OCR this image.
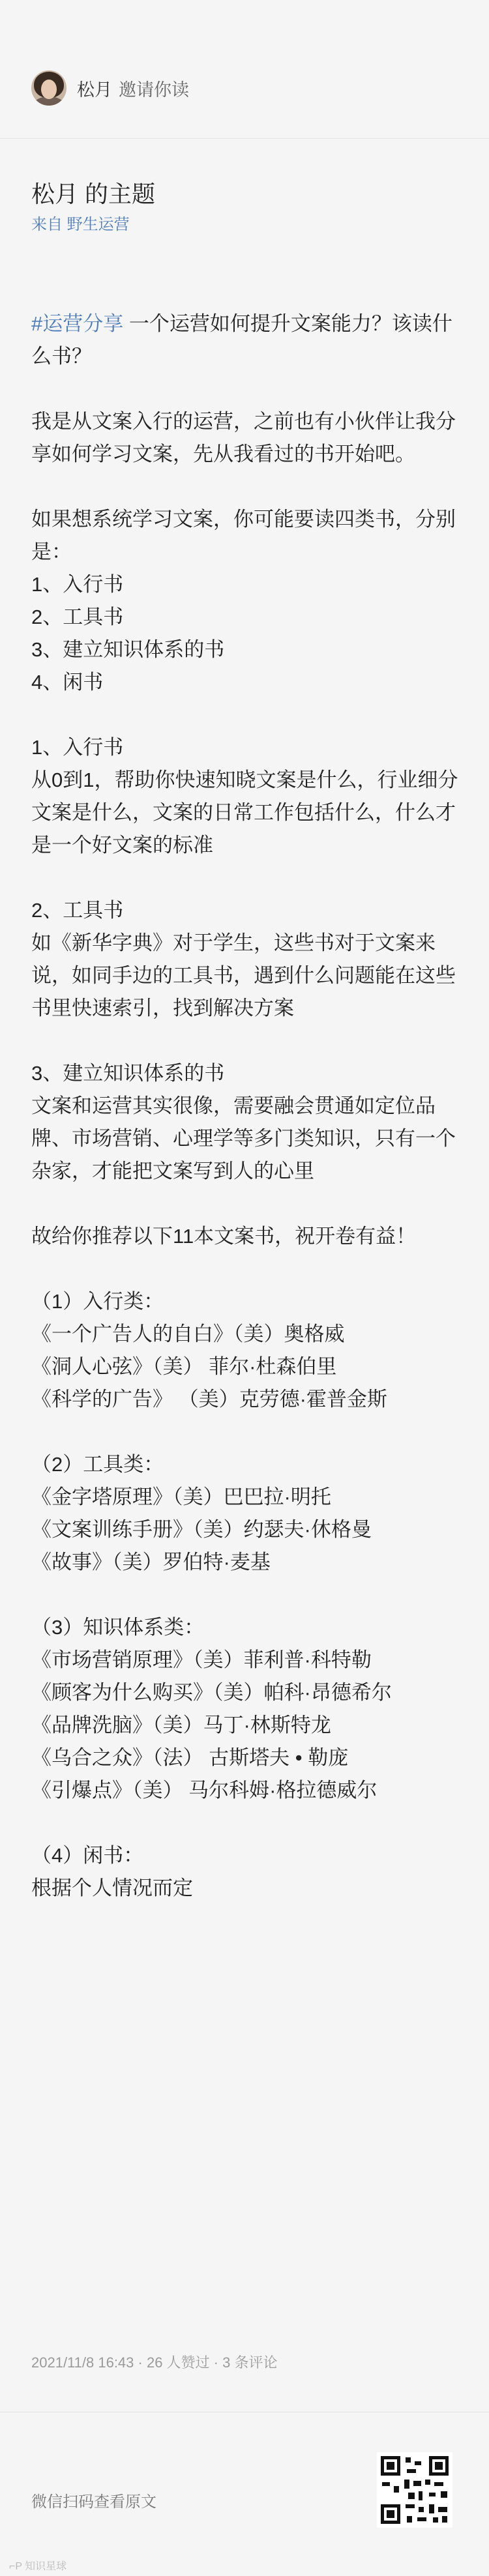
松月 邀请你读
松月 的主题
来自 野生运营

#运营分享 一个运营如何提升文案能力？该读什么书？

我是从文案入行的运营，之前也有小伙伴让我分享如何学习文案，先从我看过的书开始吧。

如果想系统学习文案，你可能要读四类书，分别是：

1、入行书

2、工具书

3、建立知识体系的书

4、闲书

1、入行书

从0到1，帮助你快速知晓文案是什么，行业细分文案是什么，文案的日常工作包括什么，什么才是一个好文案的标准

2、工具书

如《新华字典》对于学生，这些书对于文案来说，如同手边的工具书，遇到什么问题能在这些书里快速索引，找到解决方案

3、建立知识体系的书

文案和运营其实很像，需要融会贯通如定位品牌、市场营销、心理学等多门类知识，只有一个杂家，才能把文案写到人的心里

故给你推荐以下11本文案书，祝开卷有益！

（1）入行类：

《一个广告人的自白》（美）奥格威

《洞人心弦》（美） 菲尔·杜森伯里

《科学的广告》 （美）克劳德·霍普金斯

（2）工具类：

《金字塔原理》（美）巴巴拉·明托

《文案训练手册》（美）约瑟夫·休格曼

《故事》（美）罗伯特·麦基

（3）知识体系类：

《市场营销原理》（美）菲利普·科特勒

《顾客为什么购买》（美）帕科·昂德希尔

《品牌洗脑》（美）马丁·林斯特龙

《乌合之众》（法） 古斯塔夫 • 勒庞

《引爆点》（美） 马尔科姆·格拉德威尔

（4）闲书：

根据个人情况而定

2021/11/8 16:43 · 26 人赞过 · 3 条评论
微信扫码查看原文
⌐P 知识星球
